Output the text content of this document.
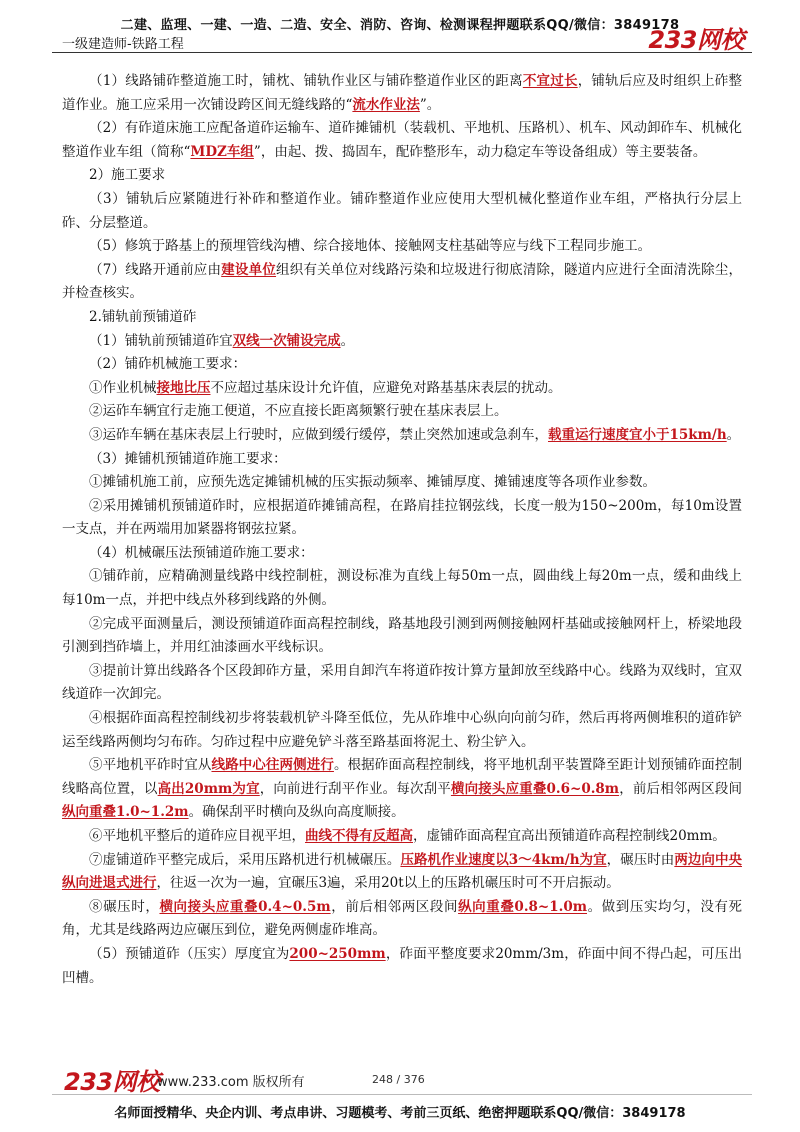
二建、监理、一建、一造、二造、安全、消防、咨询、检测课程押题联系QQ/微信：3849178
一级建造师-铁路工程	233网校

（1）线路铺砟整道施工时，铺枕、铺轨作业区与铺砟整道作业区的距离不宜过长，铺轨后应及时组织上砟整道作业。施工应采用一次铺设跨区间无缝线路的“流水作业法”。

（2）有砟道床施工应配备道砟运输车、道砟摊铺机（装载机、平地机、压路机）、机车、风动卸砟车、机械化整道作业车组（简称“MDZ车组”，由起、拨、捣固车，配砟整形车，动力稳定车等设备组成）等主要装备。

2）施工要求

（3）铺轨后应紧随进行补砟和整道作业。铺砟整道作业应使用大型机械化整道作业车组，严格执行分层上砟、分层整道。

（5）修筑于路基上的预埋管线沟槽、综合接地体、接触网支柱基础等应与线下工程同步施工。

（7）线路开通前应由建设单位组织有关单位对线路污染和垃圾进行彻底清除，隧道内应进行全面清洗除尘，并检查核实。

2.铺轨前预铺道砟

（1）铺轨前预铺道砟宜双线一次铺设完成。

（2）铺砟机械施工要求：

①作业机械接地比压不应超过基床设计允许值，应避免对路基基床表层的扰动。

②运砟车辆宜行走施工便道，不应直接长距离频繁行驶在基床表层上。

③运砟车辆在基床表层上行驶时，应做到缓行缓停，禁止突然加速或急刹车，载重运行速度宜小于15km/h。

（3）摊铺机预铺道砟施工要求：

①摊铺机施工前，应预先选定摊铺机械的压实振动频率、摊铺厚度、摊铺速度等各项作业参数。

②采用摊铺机预铺道砟时，应根据道砟摊铺高程，在路肩挂拉钢弦线，长度一般为150~200m，每10m设置一支点，并在两端用加紧器将钢弦拉紧。

（4）机械碾压法预铺道砟施工要求：

①铺砟前，应精确测量线路中线控制桩，测设标准为直线上每50m一点，圆曲线上每20m一点，缓和曲线上每10m一点，并把中线点外移到线路的外侧。

②完成平面测量后，测设预铺道砟面高程控制线，路基地段引测到两侧接触网杆基础或接触网杆上，桥梁地段引测到挡砟墙上，并用红油漆画水平线标识。

③提前计算出线路各个区段卸砟方量，采用自卸汽车将道砟按计算方量卸放至线路中心。线路为双线时，宜双线道砟一次卸完。

④根据砟面高程控制线初步将装载机铲斗降至低位，先从砟堆中心纵向向前匀砟，然后再将两侧堆积的道砟铲运至线路两侧均匀布砟。匀砟过程中应避免铲斗落至路基面将泥土、粉尘铲入。

⑤平地机平砟时宜从线路中心往两侧进行。根据砟面高程控制线，将平地机刮平装置降至距计划预铺砟面控制线略高位置，以高出20mm为宜，向前进行刮平作业。每次刮平横向接头应重叠0.6~0.8m，前后相邻两区段间纵向重叠1.0~1.2m。确保刮平时横向及纵向高度顺接。

⑥平地机平整后的道砟应目视平坦，曲线不得有反超高，虚铺砟面高程宜高出预铺道砟高程控制线20mm。

⑦虚铺道砟平整完成后，采用压路机进行机械碾压。压路机作业速度以3～4km/h为宜，碾压时由两边向中央纵向进退式进行，往返一次为一遍，宜碾压3遍，采用20t以上的压路机碾压时可不开启振动。

⑧碾压时，横向接头应重叠0.4~0.5m，前后相邻两区段间纵向重叠0.8~1.0m。做到压实均匀，没有死角，尤其是线路两边应碾压到位，避免两侧虚砟堆高。

（5）预铺道砟（压实）厚度宜为200~250mm，砟面平整度要求20mm/3m，砟面中间不得凸起，可压出凹槽。

233网校
www.233.com 版权所有	248 / 376
名师面授精华、央企内训、考点串讲、习题模考、考前三页纸、绝密押题联系QQ/微信：3849178
